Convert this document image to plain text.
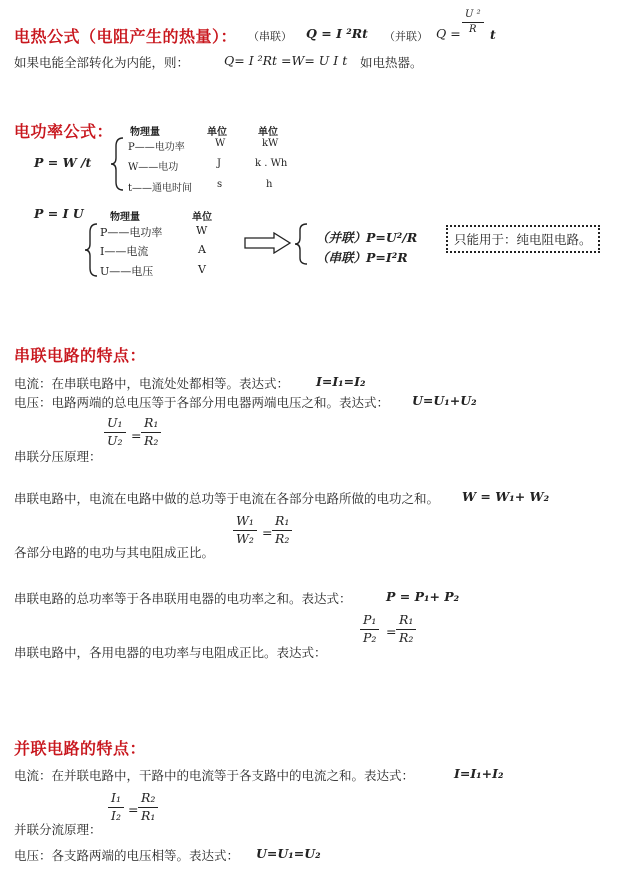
电热公式（电阻产生的热量）： （串联） Q = I ²Rt （并联） Q =
U ²
R t
如果电能全部转化为内能，则：	Q= I ²Rt =W= U I t 如电热器。
电功率公式： 物理量	单位	单位
P = W /t
P——电功率	W	kW
W——电功	J	k . Wh
t——通电时间 s	h
P = I U	物理量	单位
P——电功率	W
I——电流	A
U——电压	V
（并联）P=U²/R
（串联）P=I²R
只能用于：纯电阻电路。
串联电路的特点：
电流：在串联电路中，电流处处都相等。表达式： I=I₁=I₂
电压：电路两端的总电压等于各部分用电器两端电压之和。表达式： U=U₁+U₂
U₁
U₂ =
R₁
R₂
串联分压原理：
串联电路中，电流在电路中做的总功等于电流在各部分电路所做的电功之和。 W = W₁+ W₂
W₁
W₂ =
R₁
R₂
各部分电路的电功与其电阻成正比。
串联电路的总功率等于各串联用电器的电功率之和。表达式：	P = P₁+ P₂
P₁
P₂ =
R₁
R₂
串联电路中，各用电器的电功率与电阻成正比。表达式：
并联电路的特点：
电流：在并联电路中，干路中的电流等于各支路中的电流之和。表达式：	I=I₁+I₂
I₁
I₂ =
R₂
R₁
并联分流原理：
电压：各支路两端的电压相等。表达式： U=U₁=U₂
